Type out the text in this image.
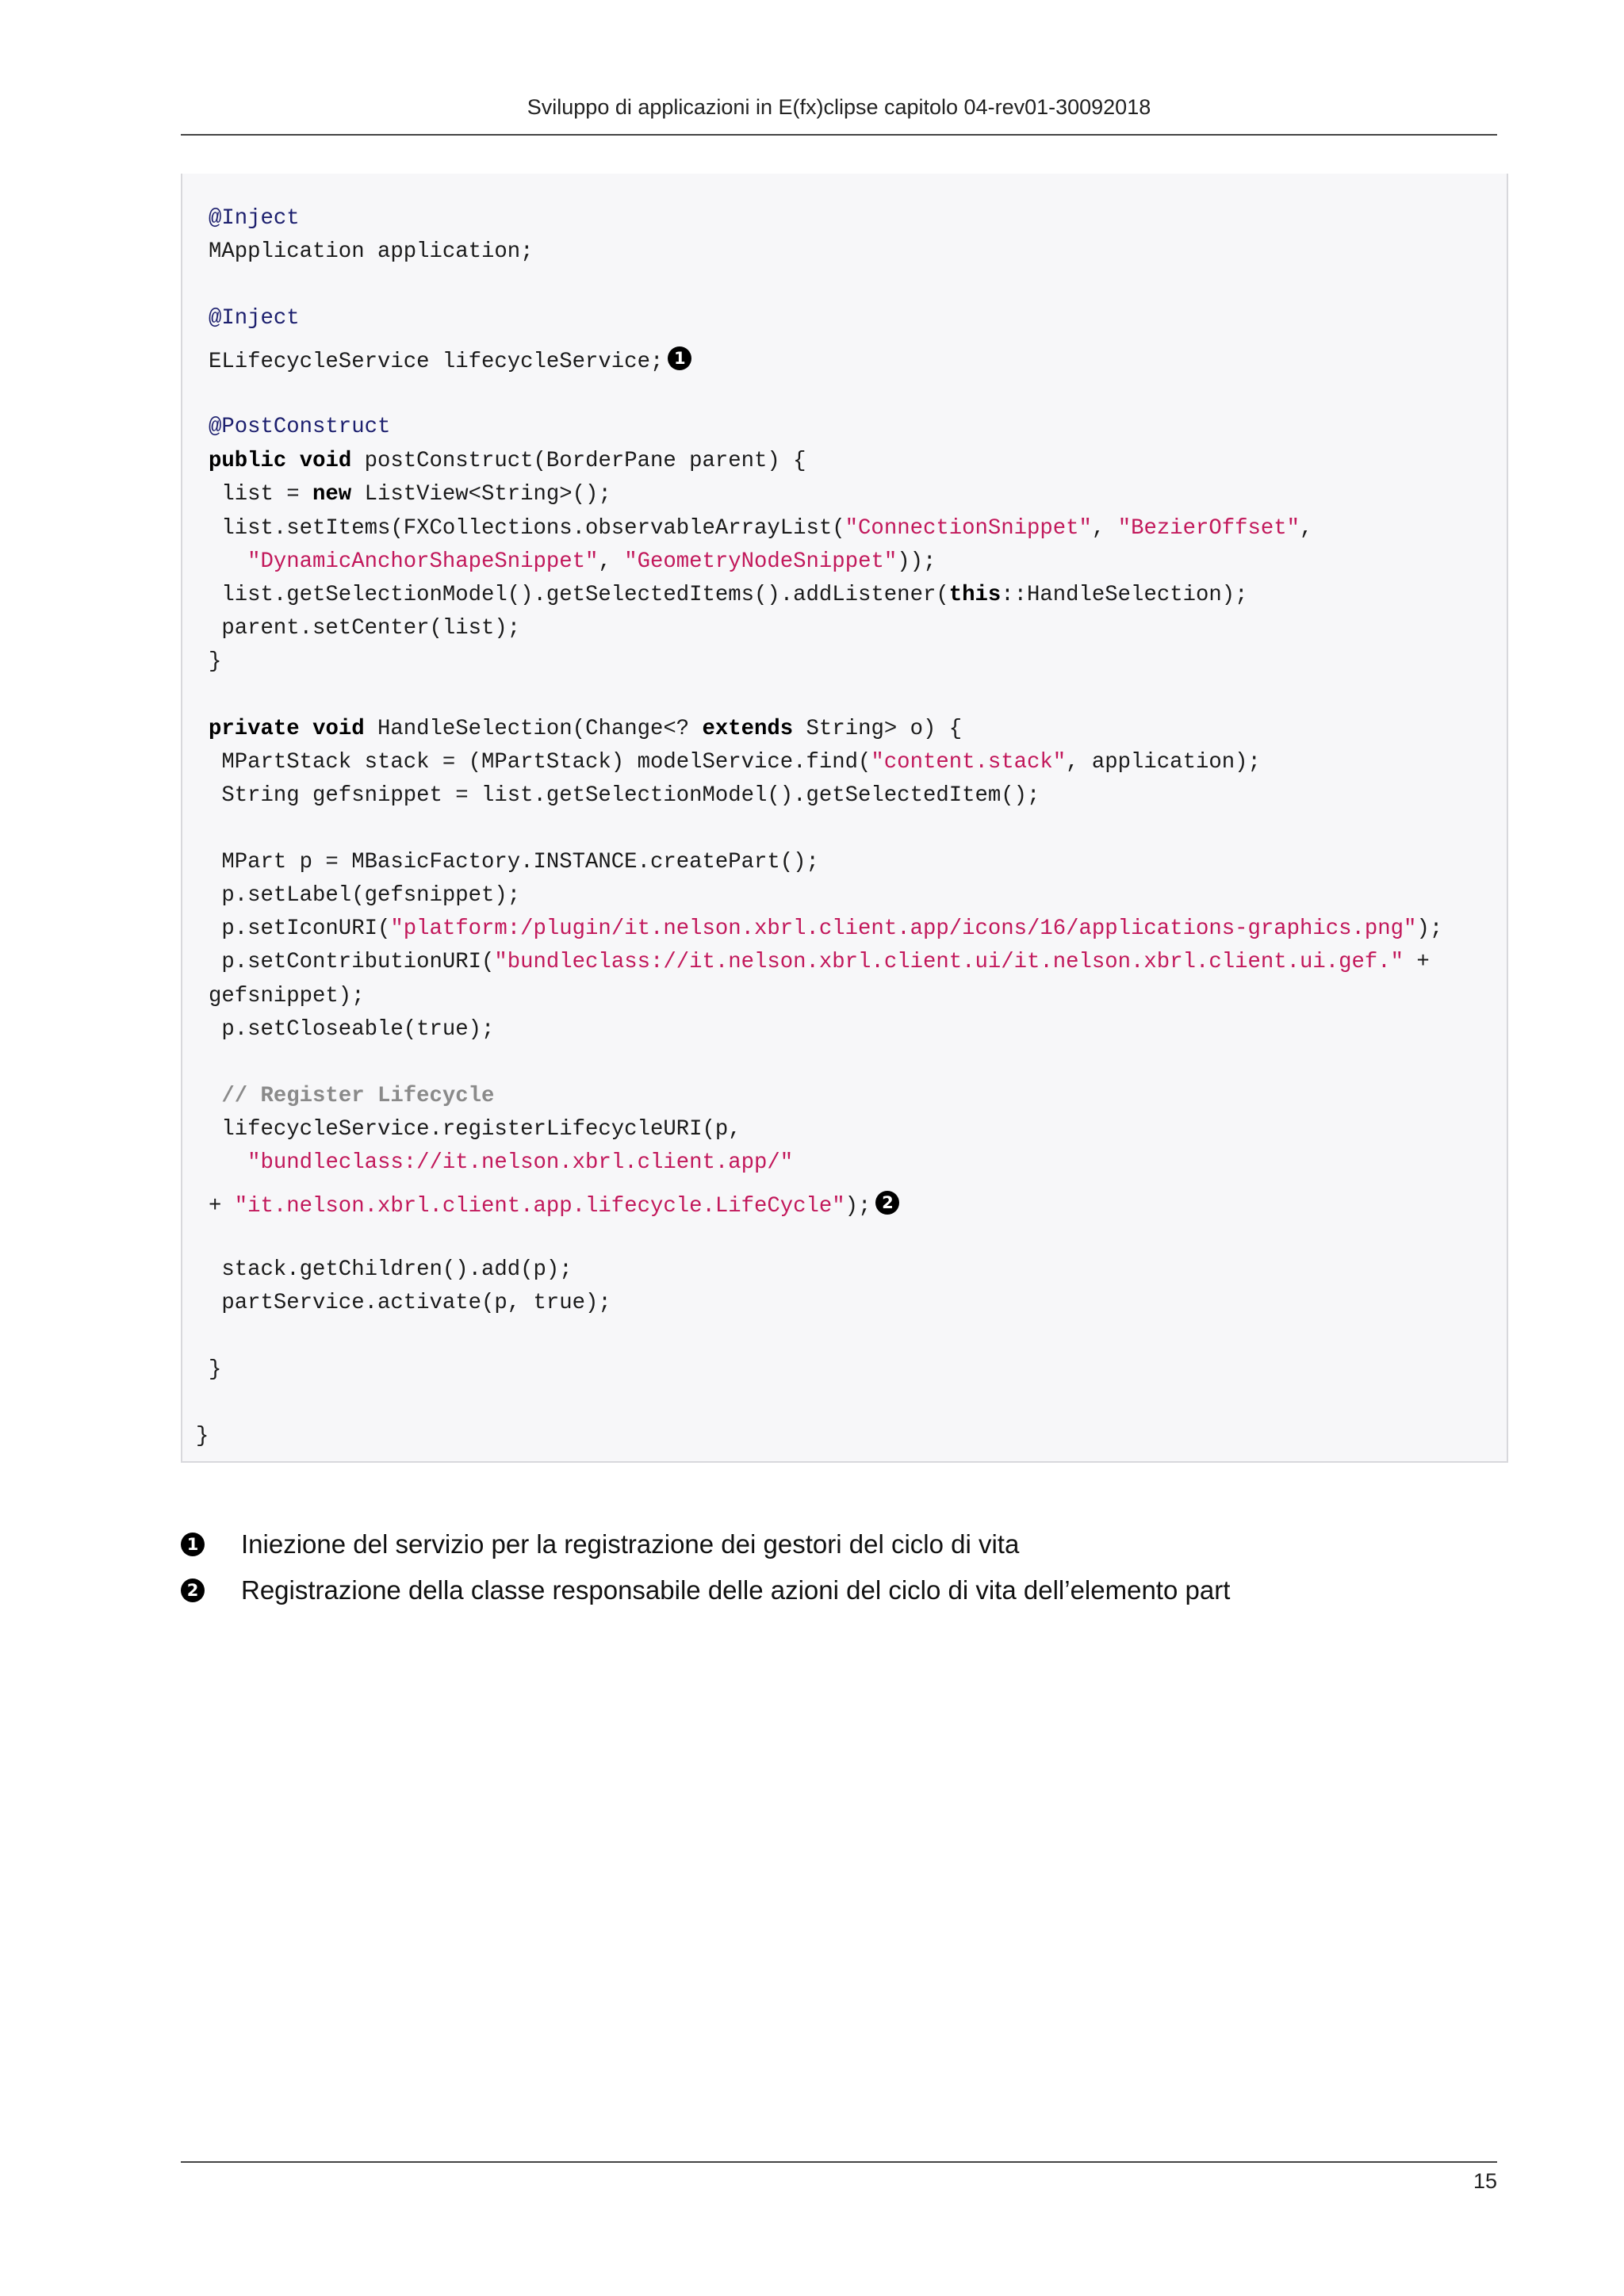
Sviluppo di applicazioni in E(fx)clipse capitolo 04-rev01-30092018
@Inject
MApplication application;
@Inject
ELifecycleService lifecycleService; 1
@PostConstruct
public void postConstruct(BorderPane parent) {
list = new ListView<String>();
list.setItems(FXCollections.observableArrayList("ConnectionSnippet", "BezierOffset",
"DynamicAnchorShapeSnippet", "GeometryNodeSnippet"));
list.getSelectionModel().getSelectedItems().addListener(this::HandleSelection);
parent.setCenter(list);
}
private void HandleSelection(Change<? extends String> o) {
MPartStack stack = (MPartStack) modelService.find("content.stack", application);
String gefsnippet = list.getSelectionModel().getSelectedItem();
MPart p = MBasicFactory.INSTANCE.createPart();
p.setLabel(gefsnippet);
p.setIconURI("platform:/plugin/it.nelson.xbrl.client.app/icons/16/applications-graphics.png");
p.setContributionURI("bundleclass://it.nelson.xbrl.client.ui/it.nelson.xbrl.client.ui.gef." +
gefsnippet);
p.setCloseable(true);
// Register Lifecycle
lifecycleService.registerLifecycleURI(p,
"bundleclass://it.nelson.xbrl.client.app/"
+ "it.nelson.xbrl.client.app.lifecycle.LifeCycle"); 2
stack.getChildren().add(p);
partService.activate(p, true);
}
}
1 Iniezione del servizio per la registrazione dei gestori del ciclo di vita
2 Registrazione della classe responsabile delle azioni del ciclo di vita dell’elemento part
15
